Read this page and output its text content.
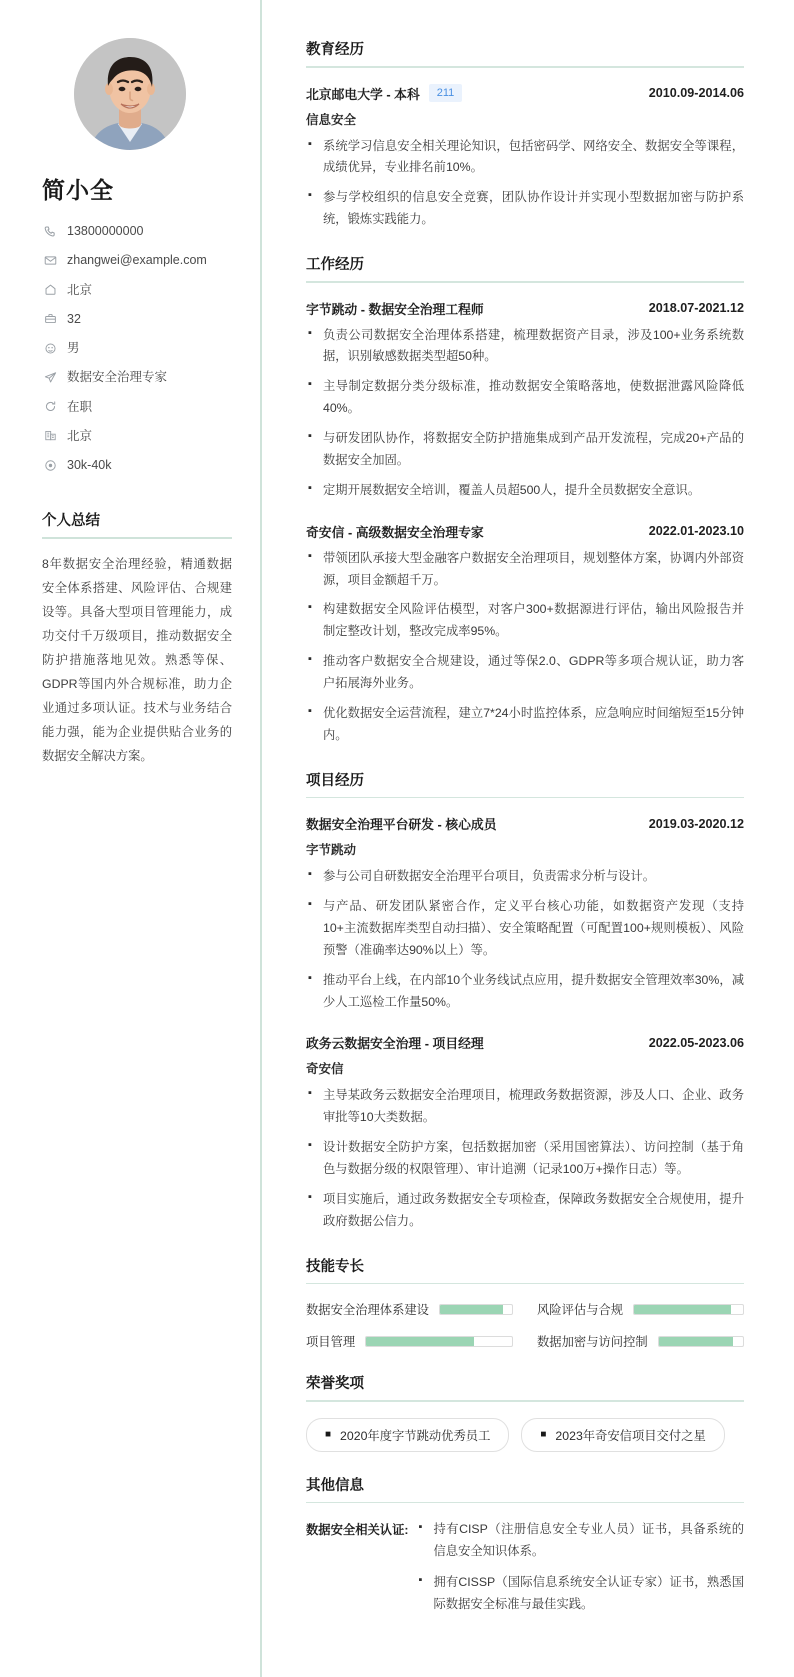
简小全
13800000000
zhangwei@example.com
北京
32
男
数据安全治理专家
在职
北京
30k-40k
个人总结

8年数据安全治理经验，精通数据安全体系搭建、风险评估、合规建设等。具备大型项目管理能力，成功交付千万级项目，推动数据安全防护措施落地见效。熟悉等保、GDPR等国内外合规标准，助力企业通过多项认证。技术与业务结合能力强，能为企业提供贴合业务的数据安全解决方案。

教育经历
北京邮电大学 - 本科	211	2010.09-2014.06
信息安全
▪ 系统学习信息安全相关理论知识，包括密码学、网络安全、数据安全等课程，成绩优异，专业排名前10%。
▪ 参与学校组织的信息安全竞赛，团队协作设计并实现小型数据加密与防护系统，锻炼实践能力。
工作经历
字节跳动 - 数据安全治理工程师	2018.07-2021.12
▪ 负责公司数据安全治理体系搭建，梳理数据资产目录，涉及100+业务系统数据，识别敏感数据类型超50种。
▪ 主导制定数据分类分级标准，推动数据安全策略落地，使数据泄露风险降低40%。
▪ 与研发团队协作，将数据安全防护措施集成到产品开发流程，完成20+产品的数据安全加固。
▪ 定期开展数据安全培训，覆盖人员超500人，提升全员数据安全意识。
奇安信 - 高级数据安全治理专家	2022.01-2023.10
▪ 带领团队承接大型金融客户数据安全治理项目，规划整体方案，协调内外部资源，项目金额超千万。
▪ 构建数据安全风险评估模型，对客户300+数据源进行评估，输出风险报告并制定整改计划，整改完成率95%。
▪ 推动客户数据安全合规建设，通过等保2.0、GDPR等多项合规认证，助力客户拓展海外业务。
▪ 优化数据安全运营流程，建立7*24小时监控体系，应急响应时间缩短至15分钟内。
项目经历
数据安全治理平台研发 - 核心成员	2019.03-2020.12
字节跳动
▪ 参与公司自研数据安全治理平台项目，负责需求分析与设计。
▪ 与产品、研发团队紧密合作，定义平台核心功能，如数据资产发现（支持10+主流数据库类型自动扫描）、安全策略配置（可配置100+规则模板）、风险预警（准确率达90%以上）等。
▪ 推动平台上线，在内部10个业务线试点应用，提升数据安全管理效率30%，减少人工巡检工作量50%。
政务云数据安全治理 - 项目经理	2022.05-2023.06
奇安信
▪ 主导某政务云数据安全治理项目，梳理政务数据资源，涉及人口、企业、政务审批等10大类数据。
▪ 设计数据安全防护方案，包括数据加密（采用国密算法）、访问控制（基于角色与数据分级的权限管理）、审计追溯（记录100万+操作日志）等。
▪ 项目实施后，通过政务数据安全专项检查，保障政务数据安全合规使用，提升政府数据公信力。
技能专长
数据安全治理体系建设	风险评估与合规
项目管理	数据加密与访问控制
荣誉奖项
■ 2020年度字节跳动优秀员工	■ 2023年奇安信项目交付之星
其他信息
数据安全相关认证:	▪ 持有CISP（注册信息安全专业人员）证书，具备系统的信息安全知识体系。
▪ 拥有CISSP（国际信息系统安全认证专家）证书，熟悉国际数据安全标准与最佳实践。
